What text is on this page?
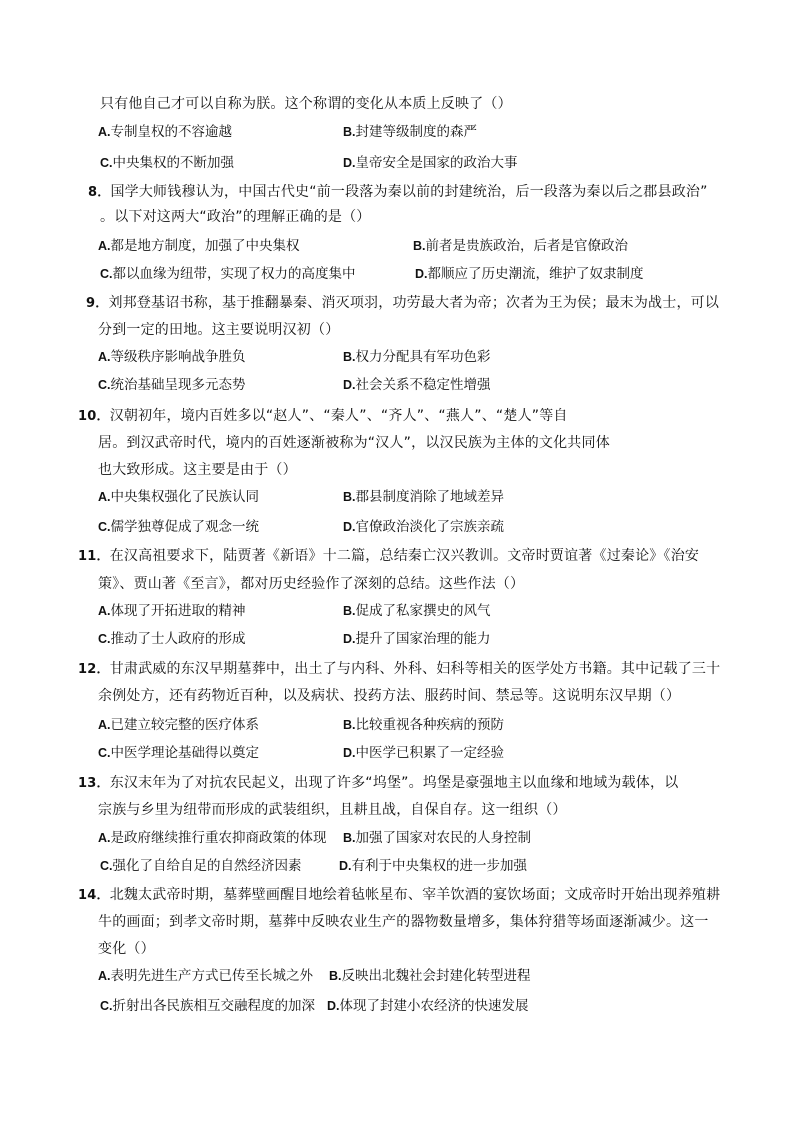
只有他自己才可以自称为朕。这个称谓的变化从本质上反映了（）
A.专制皇权的不容逾越	B.封建等级制度的森严
C.中央集权的不断加强	D.皇帝安全是国家的政治大事
8．国学大师钱穆认为，中国古代史“前一段落为秦以前的封建统治，后一段落为秦以后之郡县政治”
。以下对这两大“政治”的理解正确的是（）
A.都是地方制度，加强了中央集权	B.前者是贵族政治，后者是官僚政治
C.都以血缘为纽带，实现了权力的高度集中	D.都顺应了历史潮流，维护了奴隶制度
9．刘邦登基诏书称，基于推翻暴秦、消灭项羽，功劳最大者为帝；次者为王为侯；最末为战士，可以
分到一定的田地。这主要说明汉初（）
A.等级秩序影响战争胜负	B.权力分配具有军功色彩
C.统治基础呈现多元态势	D.社会关系不稳定性增强
10．汉朝初年，境内百姓多以“赵人”、“秦人”、“齐人”、“燕人”、“楚人”等自
居。到汉武帝时代，境内的百姓逐渐被称为“汉人”，以汉民族为主体的文化共同体
也大致形成。这主要是由于（）
A.中央集权强化了民族认同	B.郡县制度消除了地域差异
C.儒学独尊促成了观念一统	D.官僚政治淡化了宗族亲疏
11．在汉高祖要求下，陆贾著《新语》十二篇，总结秦亡汉兴教训。文帝时贾谊著《过秦论》《治安
策》、贾山著《至言》，都对历史经验作了深刻的总结。这些作法（）
A.体现了开拓进取的精神	B.促成了私家撰史的风气
C.推动了士人政府的形成	D.提升了国家治理的能力
12．甘肃武威的东汉早期墓葬中，出土了与内科、外科、妇科等相关的医学处方书籍。其中记载了三十
余例处方，还有药物近百种，以及病状、投药方法、服药时间、禁忌等。这说明东汉早期（）
A.已建立较完整的医疗体系	B.比较重视各种疾病的预防
C.中医学理论基础得以奠定	D.中医学已积累了一定经验
13．东汉末年为了对抗农民起义，出现了许多“坞堡”。坞堡是豪强地主以血缘和地域为载体，以
宗族与乡里为纽带而形成的武装组织，且耕且战，自保自存。这一组织（）
A.是政府继续推行重农抑商政策的体现 B.加强了国家对农民的人身控制
C.强化了自给自足的自然经济因素	D.有利于中央集权的进一步加强
14．北魏太武帝时期，墓葬壁画醒目地绘着毡帐星布、宰羊饮酒的宴饮场面；文成帝时开始出现养殖耕
牛的画面；到孝文帝时期，墓葬中反映农业生产的器物数量增多，集体狩猎等场面逐渐减少。这一
变化（）
A.表明先进生产方式已传至长城之外 B.反映出北魏社会封建化转型进程
C.折射出各民族相互交融程度的加深 D.体现了封建小农经济的快速发展
